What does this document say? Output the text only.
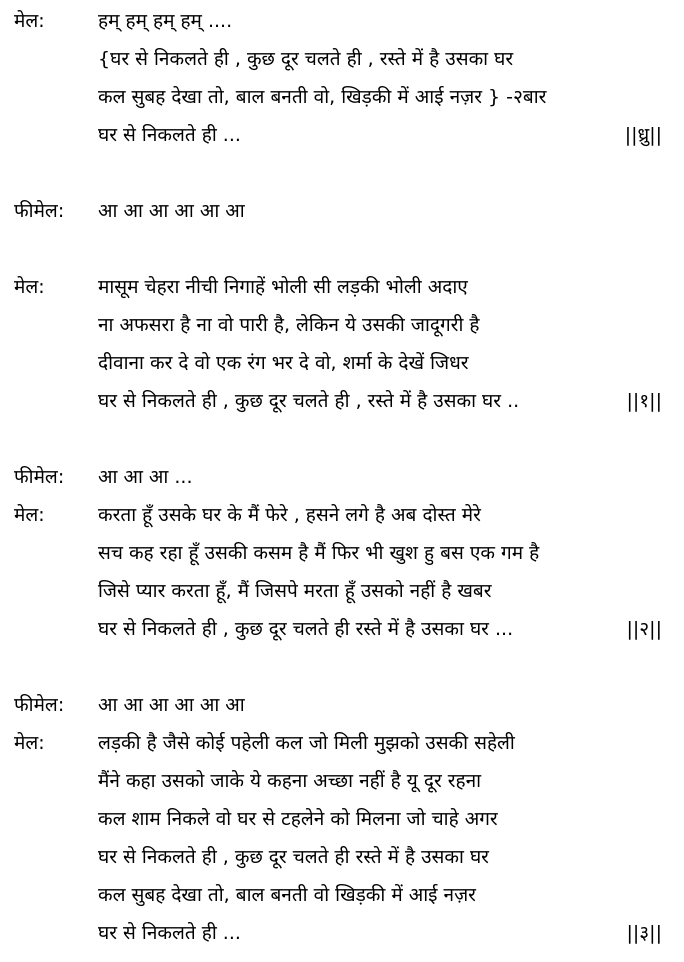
मेल:	हम् हम् हम् हम् ....
{घर से निकलते ही , कुछ दूर चलते ही , रस्ते में है उसका घर
कल सुबह देखा तो, बाल बनती वो, खिड़की में आई नज़र } -२बार
घर से निकलते ही ...	||ध्रु||
फीमेल: आ आ आ आ आ आ
मेल:	मासूम चेहरा नीची निगाहें भोली सी लड़की भोली अदाए
ना अफसरा है ना वो पारी है, लेकिन ये उसकी जादूगरी है
दीवाना कर दे वो एक रंग भर दे वो, शर्मा के देखें जिधर
घर से निकलते ही , कुछ दूर चलते ही , रस्ते में है उसका घर ..	||१||
फीमेल: आ आ आ ...
मेल:	करता हूँ उसके घर के मैं फेरे , हसने लगे है अब दोस्त मेरे
सच कह रहा हूँ उसकी कसम है मैं फिर भी खुश हु बस एक गम है
जिसे प्यार करता हूँ, मैं जिसपे मरता हूँ उसको नहीं है खबर
घर से निकलते ही , कुछ दूर चलते ही रस्ते में है उसका घर ...	||२||
फीमेल: आ आ आ आ आ आ
मेल:	लड़की है जैसे कोई पहेली कल जो मिली मुझको उसकी सहेली
मैंने कहा उसको जाके ये कहना अच्छा नहीं है यू दूर रहना
कल शाम निकले वो घर से टहलेने को मिलना जो चाहे अगर
घर से निकलते ही , कुछ दूर चलते ही रस्ते में है उसका घर
कल सुबह देखा तो, बाल बनती वो खिड़की में आई नज़र
घर से निकलते ही ...	||३||
